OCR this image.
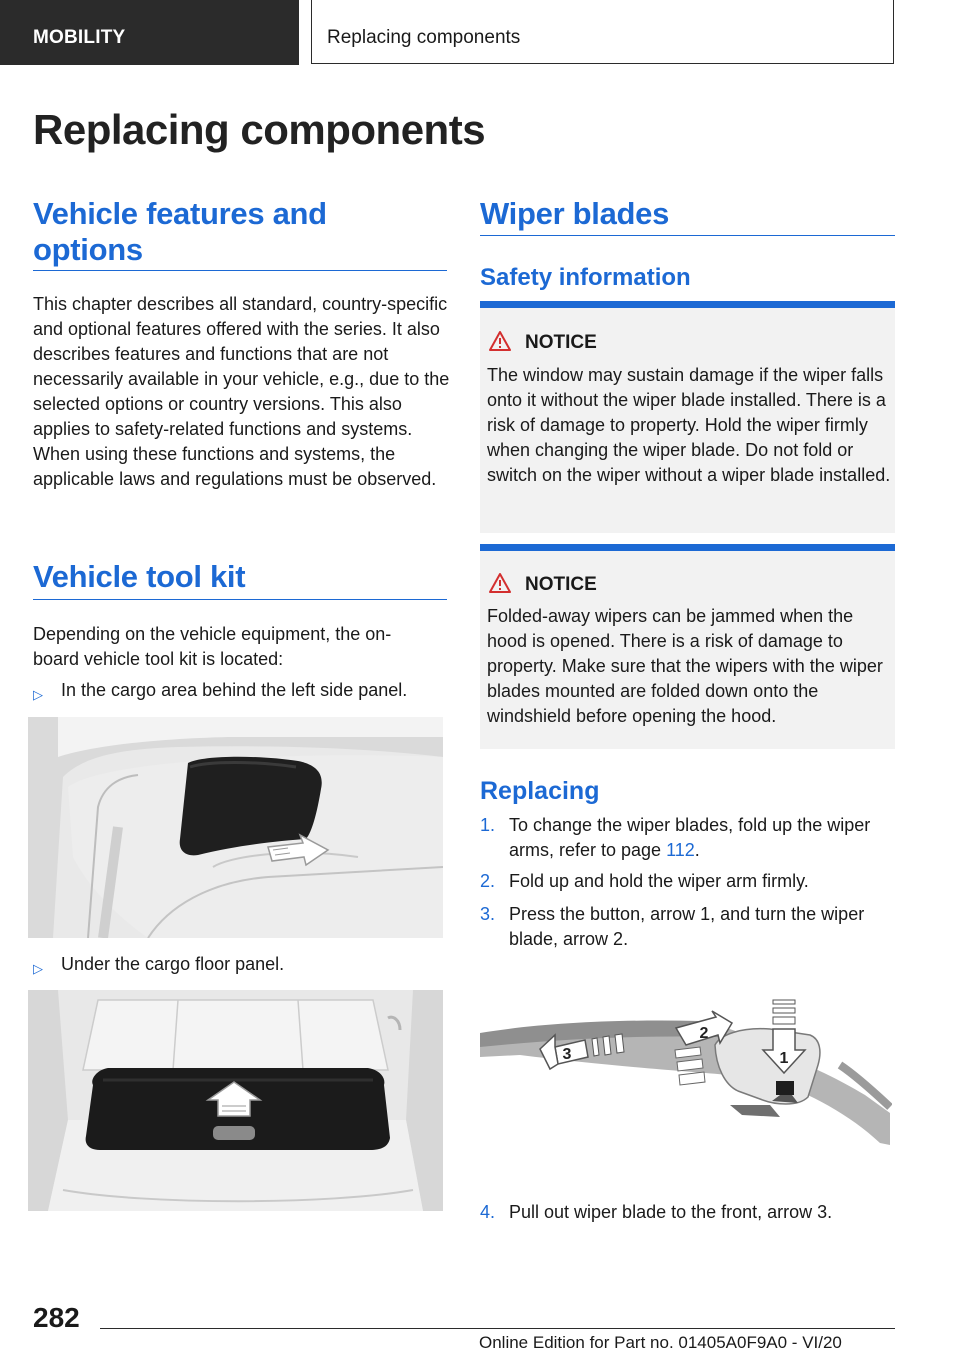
MOBILITY	Replacing components
Replacing components
Vehicle features and options

This chapter describes all standard, country-specific and optional features offered with the series. It also describes features and functions that are not necessarily available in your vehicle, e.g., due to the selected options or country versions. This also applies to safety-related functions and systems. When using these functions and systems, the applicable laws and regulations must be observed.

Vehicle tool kit

Depending on the vehicle equipment, the on-board vehicle tool kit is located:

▷ In the cargo area behind the left side panel.
▷ Under the cargo floor panel.
Wiper blades
Safety information
NOTICE

The window may sustain damage if the wiper falls onto it without the wiper blade installed. There is a risk of damage to property. Hold the wiper firmly when changing the wiper blade. Do not fold or switch on the wiper without a wiper blade installed.

NOTICE

Folded-away wipers can be jammed when the hood is opened. There is a risk of damage to property. Make sure that the wipers with the wiper blades mounted are folded down onto the windshield before opening the hood.

Replacing
1. To change the wiper blades, fold up the wiper arms, refer to page 112.
2. Fold up and hold the wiper arm firmly.
3. Press the button, arrow 1, and turn the wiper blade, arrow 2.
1
2
3
4. Pull out wiper blade to the front, arrow 3.
282
Online Edition for Part no. 01405A0F9A0 - VI/20
